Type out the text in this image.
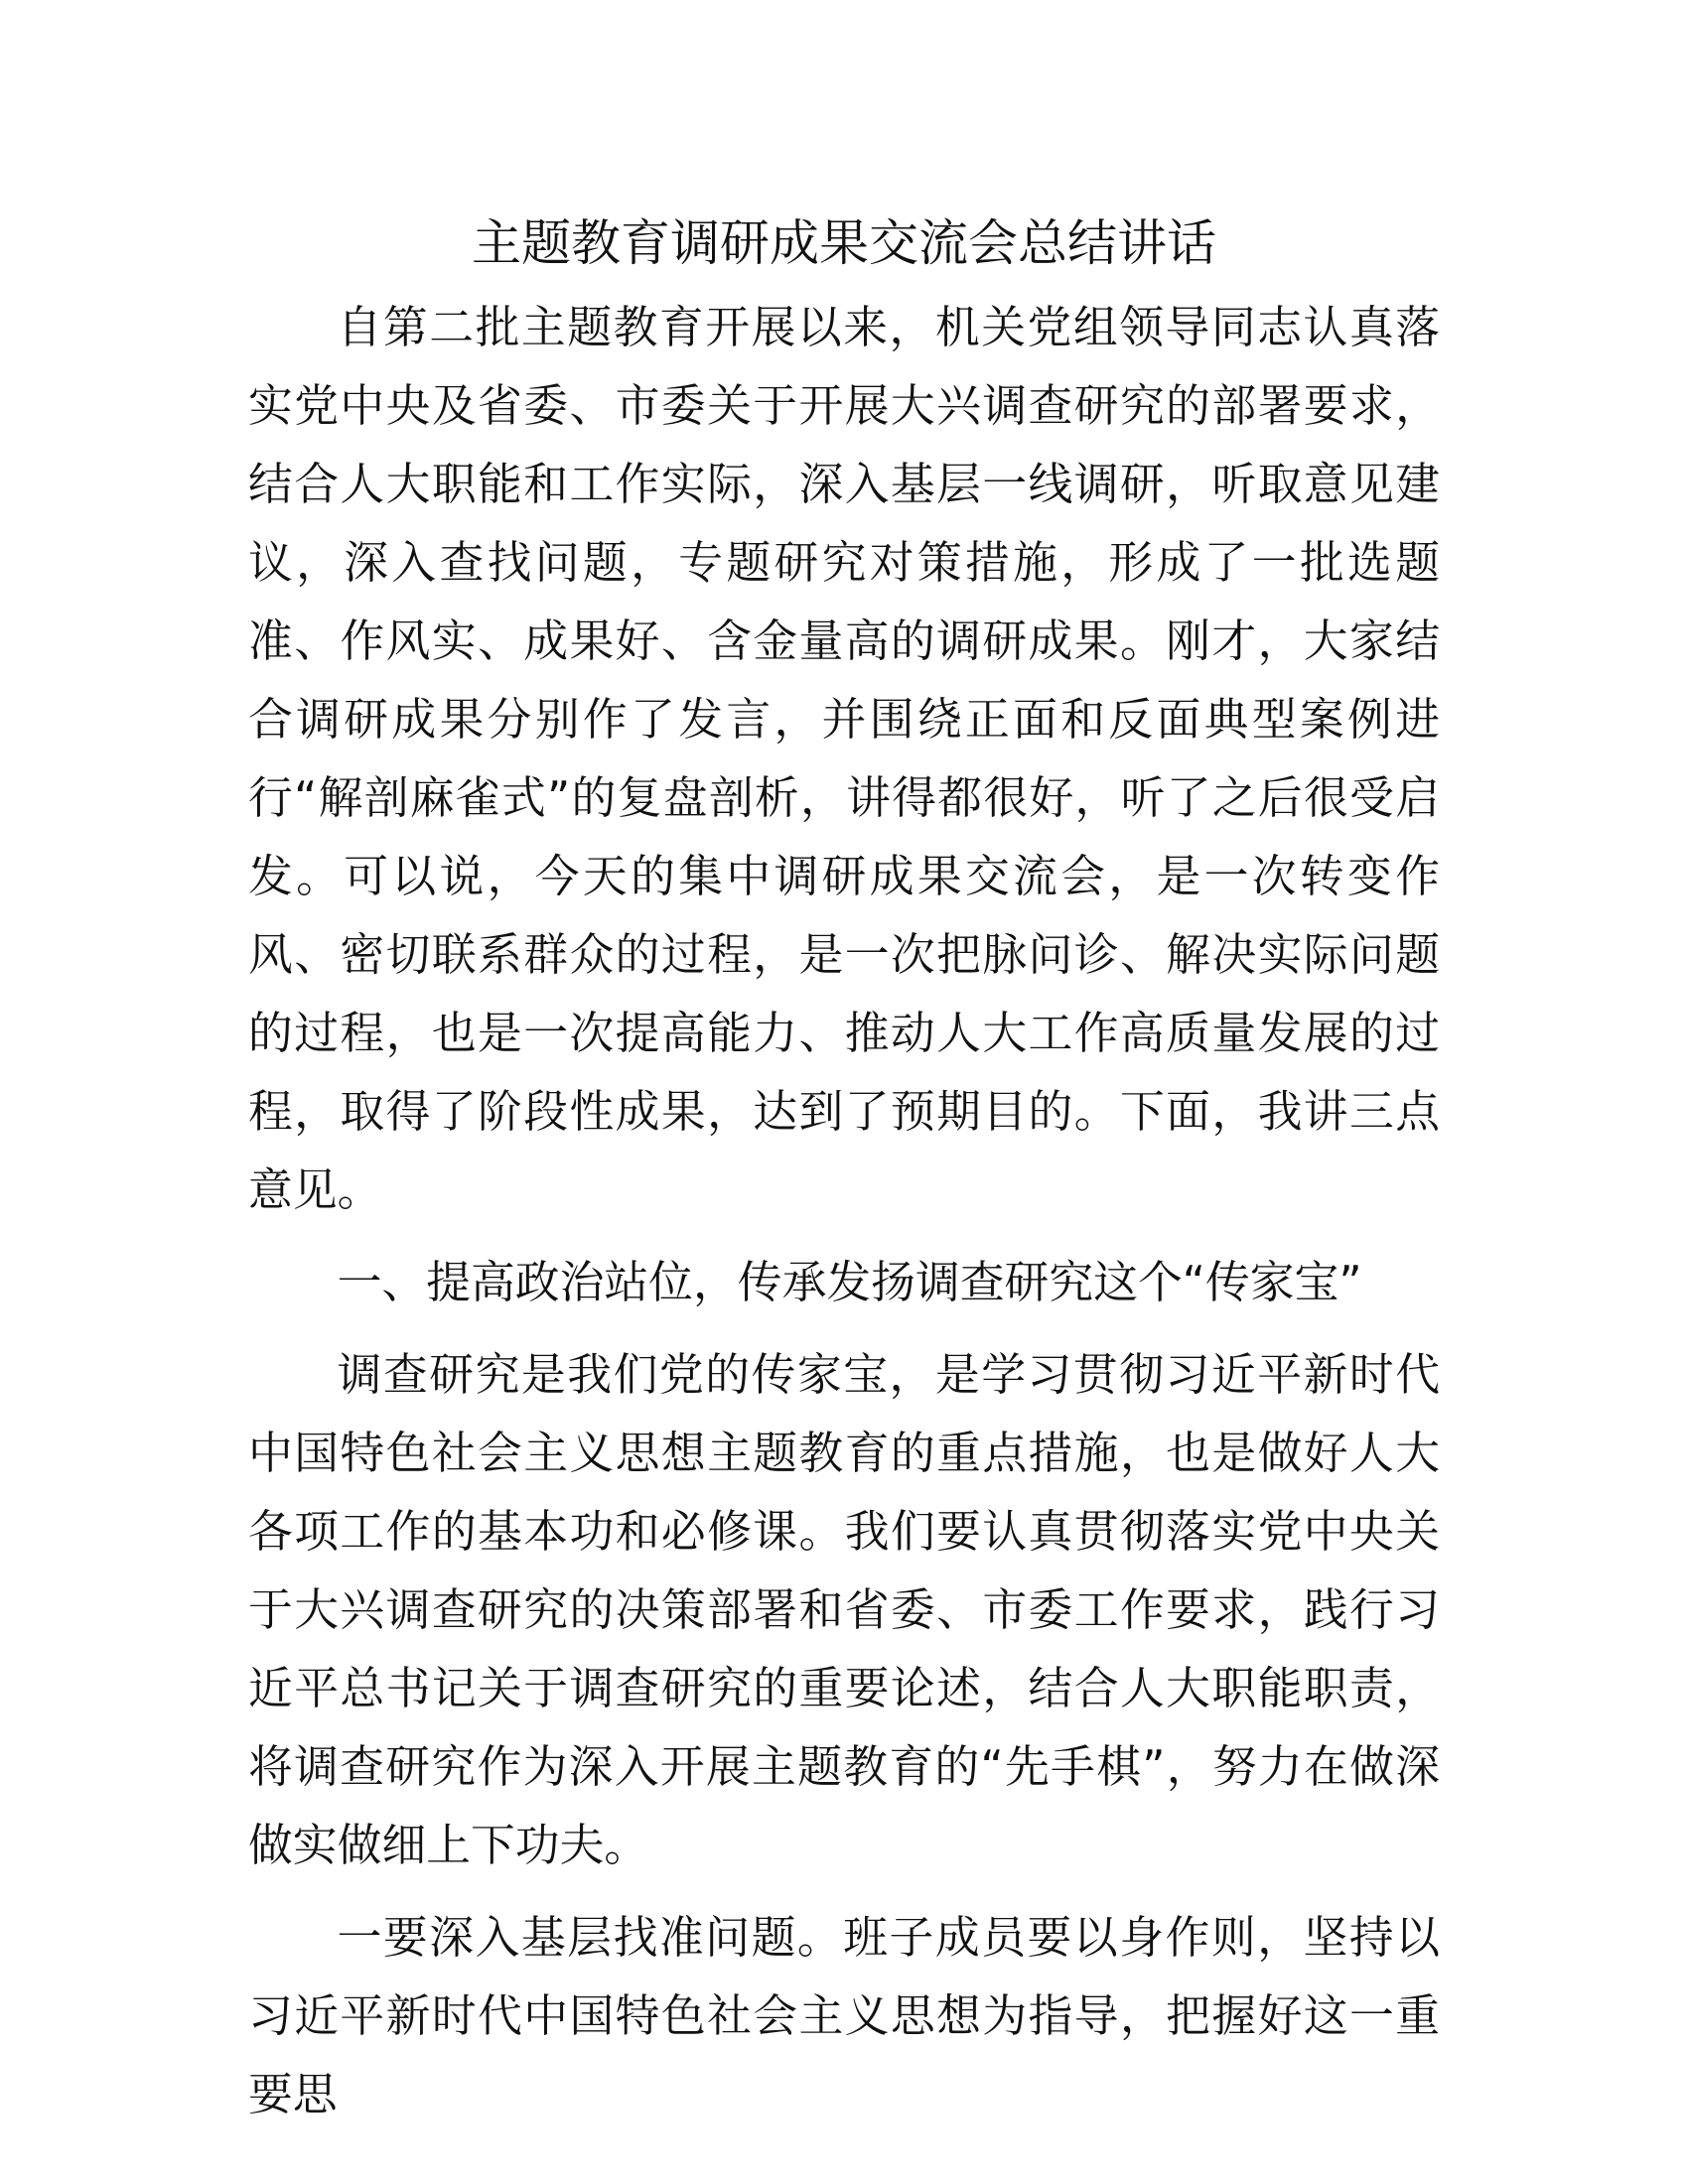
主题教育调研成果交流会总结讲话

自第二批主题教育开展以来，机关党组领导同志认真落实党中央及省委、市委关于开展大兴调查研究的部署要求，结合人大职能和工作实际，深入基层一线调研，听取意见建议，深入查找问题，专题研究对策措施，形成了一批选题准、作风实、成果好、含金量高的调研成果。刚才，大家结合调研成果分别作了发言，并围绕正面和反面典型案例进行“解剖麻雀式”的复盘剖析，讲得都很好，听了之后很受启发。可以说，今天的集中调研成果交流会，是一次转变作风、密切联系群众的过程，是一次把脉问诊、解决实际问题的过程，也是一次提高能力、推动人大工作高质量发展的过程，取得了阶段性成果，达到了预期目的。下面，我讲三点意见。

一、提高政治站位，传承发扬调查研究这个“传家宝”

调查研究是我们党的传家宝，是学习贯彻习近平新时代中国特色社会主义思想主题教育的重点措施，也是做好人大各项工作的基本功和必修课。我们要认真贯彻落实党中央关于大兴调查研究的决策部署和省委、市委工作要求，践行习近平总书记关于调查研究的重要论述，结合人大职能职责，将调查研究作为深入开展主题教育的“先手棋”，努力在做深做实做细上下功夫。

一要深入基层找准问题。班子成员要以身作则，坚持以习近平新时代中国特色社会主义思想为指导，把握好这一重要思
